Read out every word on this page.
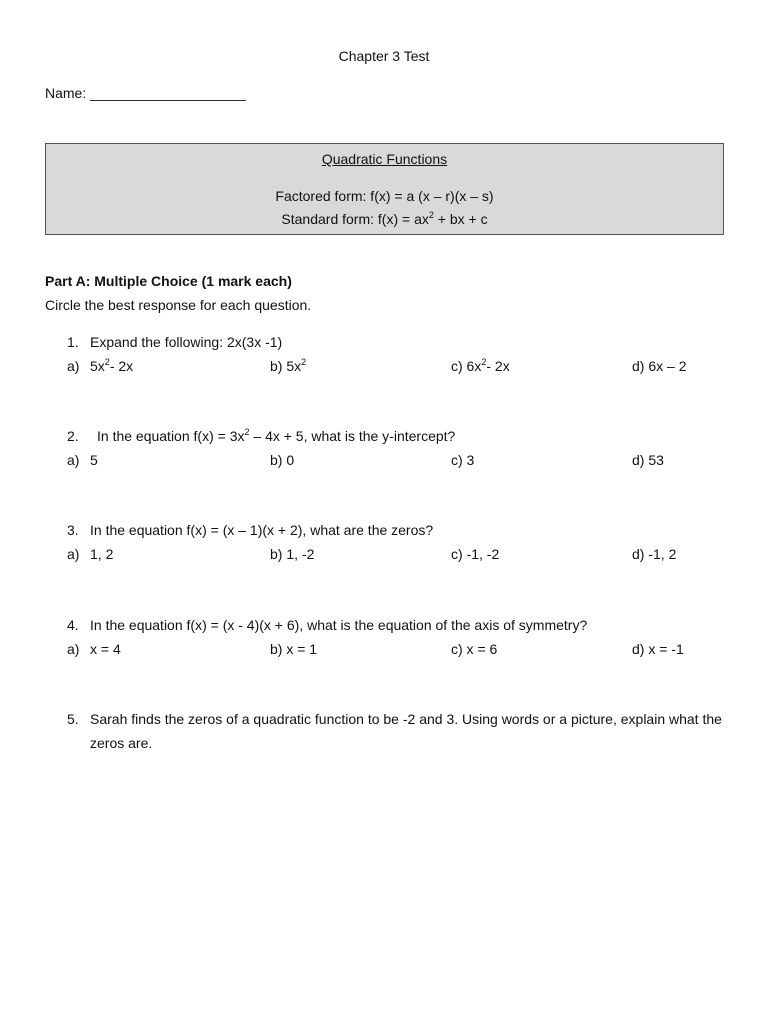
Chapter 3 Test
Name: ____________________
Quadratic Functions
Factored form: f(x) = a (x – r)(x – s)
Standard form: $f(x) = ax^2$ + bx + c
Part A: Multiple Choice (1 mark each)
Circle the best response for each question.
1. Expand the following: 2x(3x -1)
a) $5x^2-$ 2x	b) $5x^2$	c) $6x^2-$ 2x	d) 6x – 2
2. In the equation $f(x) = 3x^2 - 4x + 5$, what is the y-intercept?
a) 5	b) 0	c) 3	d) 53
3. In the equation f(x) = (x – 1)(x + 2), what are the zeros?
a) 1, 2	b) 1, -2	c) -1, -2	d) -1, 2
4. In the equation f(x) = (x - 4)(x + 6), what is the equation of the axis of symmetry?
a) x = 4	b) x = 1	c) x = 6	d) x = -1
5. Sarah finds the zeros of a quadratic function to be -2 and 3. Using words or a picture, explain what the zeros are.
